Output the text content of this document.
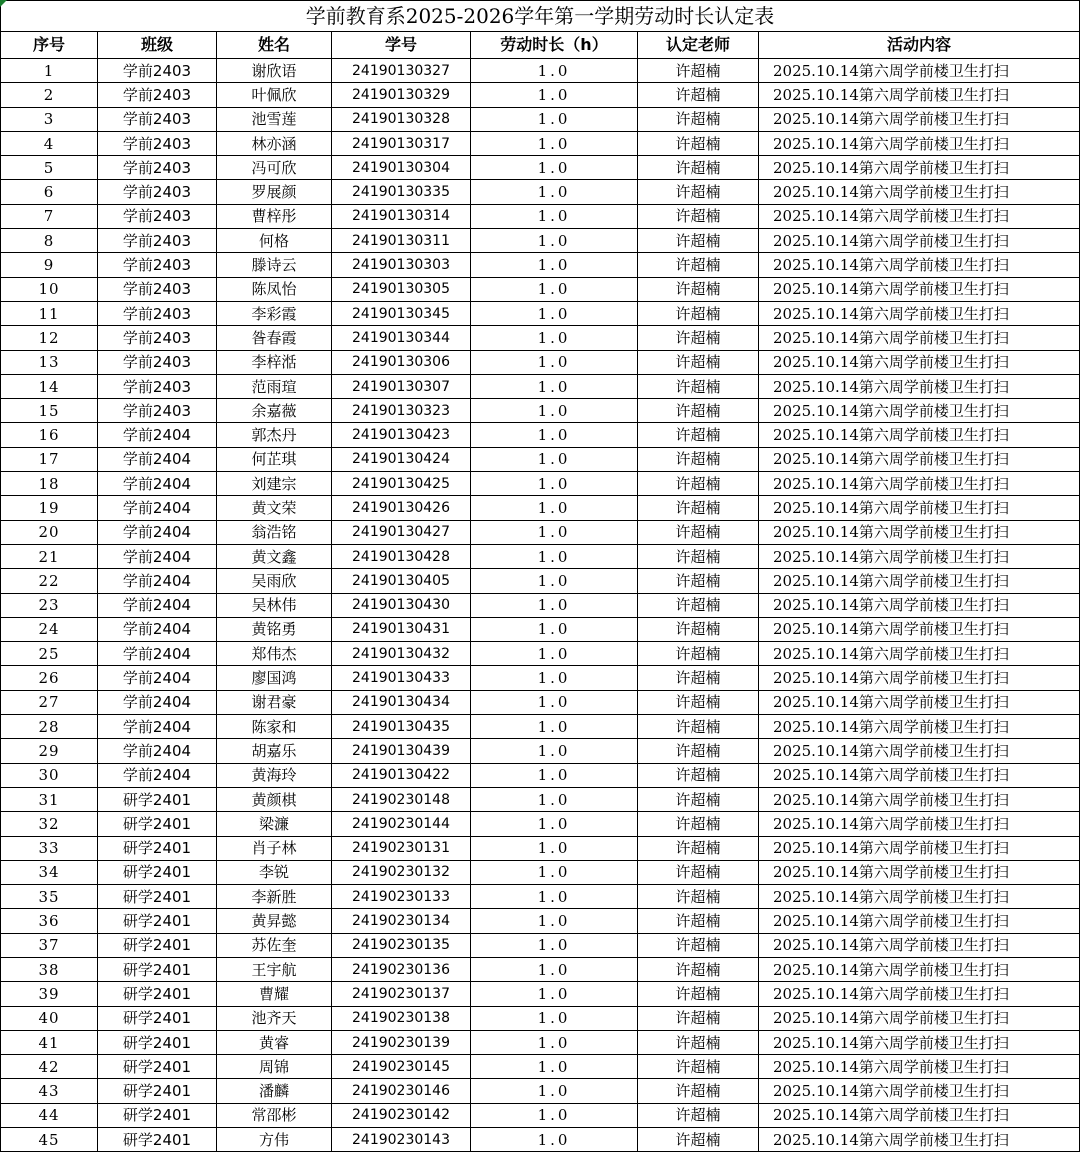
学前教育系2025-2026学年第一学期劳动时长认定表						
序号	班级	姓名	学号	劳动时长（h）	认定老师	活动内容
1	学前2403	谢欣语	24190130327	1.0	许超楠	2025.10.14第六周学前楼卫生打扫
2	学前2403	叶佩欣	24190130329	1.0	许超楠	2025.10.14第六周学前楼卫生打扫
3	学前2403	池雪莲	24190130328	1.0	许超楠	2025.10.14第六周学前楼卫生打扫
4	学前2403	林亦涵	24190130317	1.0	许超楠	2025.10.14第六周学前楼卫生打扫
5	学前2403	冯可欣	24190130304	1.0	许超楠	2025.10.14第六周学前楼卫生打扫
6	学前2403	罗展颜	24190130335	1.0	许超楠	2025.10.14第六周学前楼卫生打扫
7	学前2403	曹梓彤	24190130314	1.0	许超楠	2025.10.14第六周学前楼卫生打扫
8	学前2403	何格	24190130311	1.0	许超楠	2025.10.14第六周学前楼卫生打扫
9	学前2403	滕诗云	24190130303	1.0	许超楠	2025.10.14第六周学前楼卫生打扫
10	学前2403	陈凤怡	24190130305	1.0	许超楠	2025.10.14第六周学前楼卫生打扫
11	学前2403	李彩霞	24190130345	1.0	许超楠	2025.10.14第六周学前楼卫生打扫
12	学前2403	昝春霞	24190130344	1.0	许超楠	2025.10.14第六周学前楼卫生打扫
13	学前2403	李梓湉	24190130306	1.0	许超楠	2025.10.14第六周学前楼卫生打扫
14	学前2403	范雨瑄	24190130307	1.0	许超楠	2025.10.14第六周学前楼卫生打扫
15	学前2403	余嘉薇	24190130323	1.0	许超楠	2025.10.14第六周学前楼卫生打扫
16	学前2404	郭杰丹	24190130423	1.0	许超楠	2025.10.14第六周学前楼卫生打扫
17	学前2404	何芷琪	24190130424	1.0	许超楠	2025.10.14第六周学前楼卫生打扫
18	学前2404	刘建宗	24190130425	1.0	许超楠	2025.10.14第六周学前楼卫生打扫
19	学前2404	黄文荣	24190130426	1.0	许超楠	2025.10.14第六周学前楼卫生打扫
20	学前2404	翁浩铭	24190130427	1.0	许超楠	2025.10.14第六周学前楼卫生打扫
21	学前2404	黄文鑫	24190130428	1.0	许超楠	2025.10.14第六周学前楼卫生打扫
22	学前2404	吴雨欣	24190130405	1.0	许超楠	2025.10.14第六周学前楼卫生打扫
23	学前2404	吴林伟	24190130430	1.0	许超楠	2025.10.14第六周学前楼卫生打扫
24	学前2404	黄铭勇	24190130431	1.0	许超楠	2025.10.14第六周学前楼卫生打扫
25	学前2404	郑伟杰	24190130432	1.0	许超楠	2025.10.14第六周学前楼卫生打扫
26	学前2404	廖国鸿	24190130433	1.0	许超楠	2025.10.14第六周学前楼卫生打扫
27	学前2404	谢君豪	24190130434	1.0	许超楠	2025.10.14第六周学前楼卫生打扫
28	学前2404	陈家和	24190130435	1.0	许超楠	2025.10.14第六周学前楼卫生打扫
29	学前2404	胡嘉乐	24190130439	1.0	许超楠	2025.10.14第六周学前楼卫生打扫
30	学前2404	黄海玲	24190130422	1.0	许超楠	2025.10.14第六周学前楼卫生打扫
31	研学2401	黄颜棋	24190230148	1.0	许超楠	2025.10.14第六周学前楼卫生打扫
32	研学2401	梁濂	24190230144	1.0	许超楠	2025.10.14第六周学前楼卫生打扫
33	研学2401	肖子林	24190230131	1.0	许超楠	2025.10.14第六周学前楼卫生打扫
34	研学2401	李锐	24190230132	1.0	许超楠	2025.10.14第六周学前楼卫生打扫
35	研学2401	李新胜	24190230133	1.0	许超楠	2025.10.14第六周学前楼卫生打扫
36	研学2401	黄昇懿	24190230134	1.0	许超楠	2025.10.14第六周学前楼卫生打扫
37	研学2401	苏佐奎	24190230135	1.0	许超楠	2025.10.14第六周学前楼卫生打扫
38	研学2401	王宇航	24190230136	1.0	许超楠	2025.10.14第六周学前楼卫生打扫
39	研学2401	曹耀	24190230137	1.0	许超楠	2025.10.14第六周学前楼卫生打扫
40	研学2401	池齐天	24190230138	1.0	许超楠	2025.10.14第六周学前楼卫生打扫
41	研学2401	黄睿	24190230139	1.0	许超楠	2025.10.14第六周学前楼卫生打扫
42	研学2401	周锦	24190230145	1.0	许超楠	2025.10.14第六周学前楼卫生打扫
43	研学2401	潘麟	24190230146	1.0	许超楠	2025.10.14第六周学前楼卫生打扫
44	研学2401	常邵彬	24190230142	1.0	许超楠	2025.10.14第六周学前楼卫生打扫
45	研学2401	方伟	24190230143	1.0	许超楠	2025.10.14第六周学前楼卫生打扫
